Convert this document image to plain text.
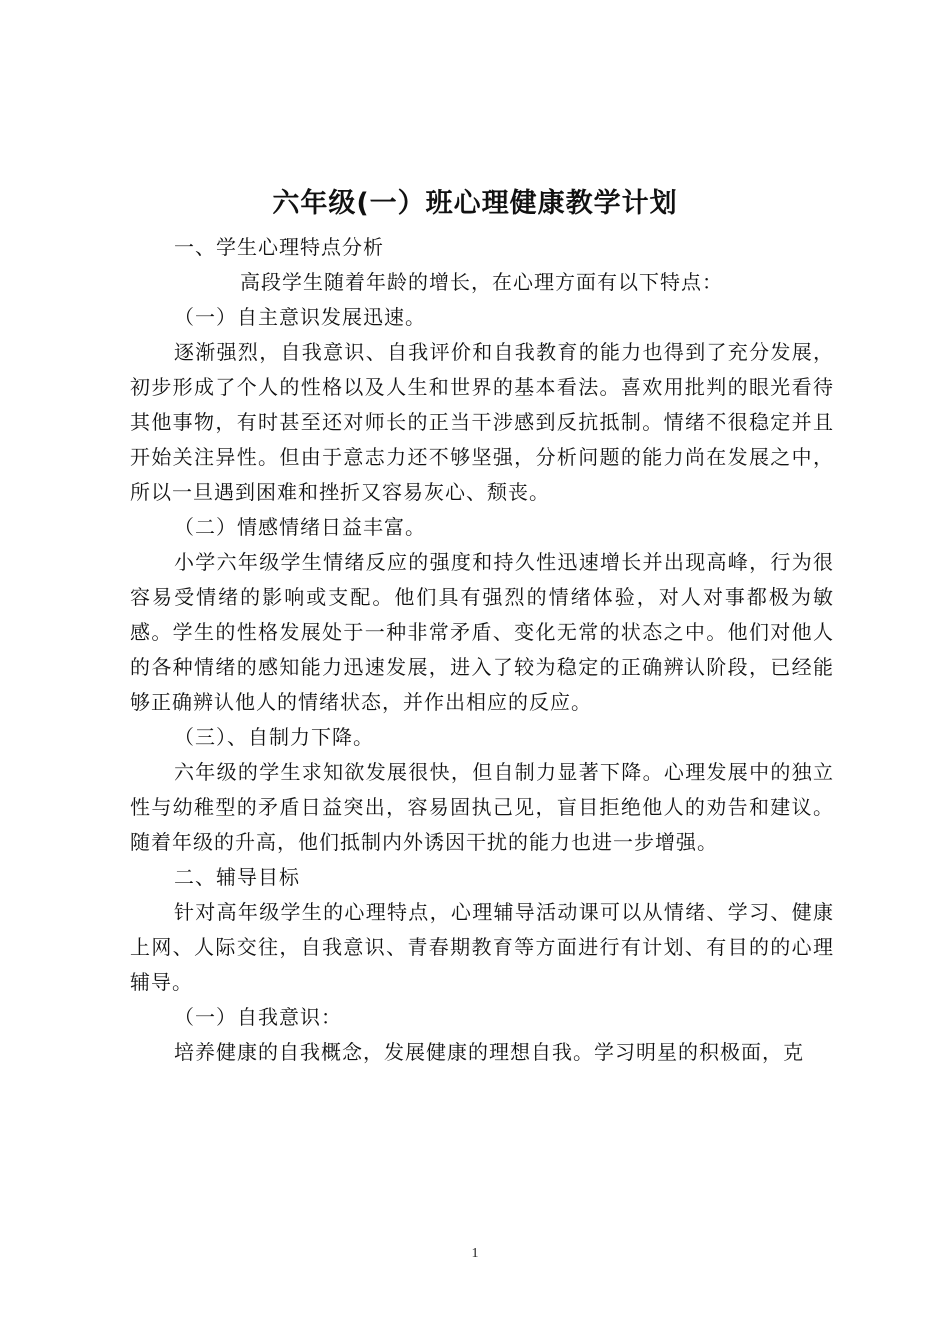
六年级(一）班心理健康教学计划

一、学生心理特点分析

高段学生随着年龄的增长，在心理方面有以下特点：

（一）自主意识发展迅速。

逐渐强烈，自我意识、自我评价和自我教育的能力也得到了充分发展，初步形成了个人的性格以及人生和世界的基本看法。喜欢用批判的眼光看待其他事物，有时甚至还对师长的正当干涉感到反抗抵制。情绪不很稳定并且开始关注异性。但由于意志力还不够坚强，分析问题的能力尚在发展之中，所以一旦遇到困难和挫折又容易灰心、颓丧。

（二）情感情绪日益丰富。

小学六年级学生情绪反应的强度和持久性迅速增长并出现高峰，行为很容易受情绪的影响或支配。他们具有强烈的情绪体验，对人对事都极为敏感。学生的性格发展处于一种非常矛盾、变化无常的状态之中。他们对他人的各种情绪的感知能力迅速发展，进入了较为稳定的正确辨认阶段，已经能够正确辨认他人的情绪状态，并作出相应的反应。

（三）、自制力下降。

六年级的学生求知欲发展很快，但自制力显著下降。心理发展中的独立性与幼稚型的矛盾日益突出，容易固执己见，盲目拒绝他人的劝告和建议。随着年级的升高，他们抵制内外诱因干扰的能力也进一步增强。

二、辅导目标

针对高年级学生的心理特点，心理辅导活动课可以从情绪、学习、健康上网、人际交往，自我意识、青春期教育等方面进行有计划、有目的的心理辅导。

（一）自我意识：

培养健康的自我概念，发展健康的理想自我。学习明星的积极面，克

1
